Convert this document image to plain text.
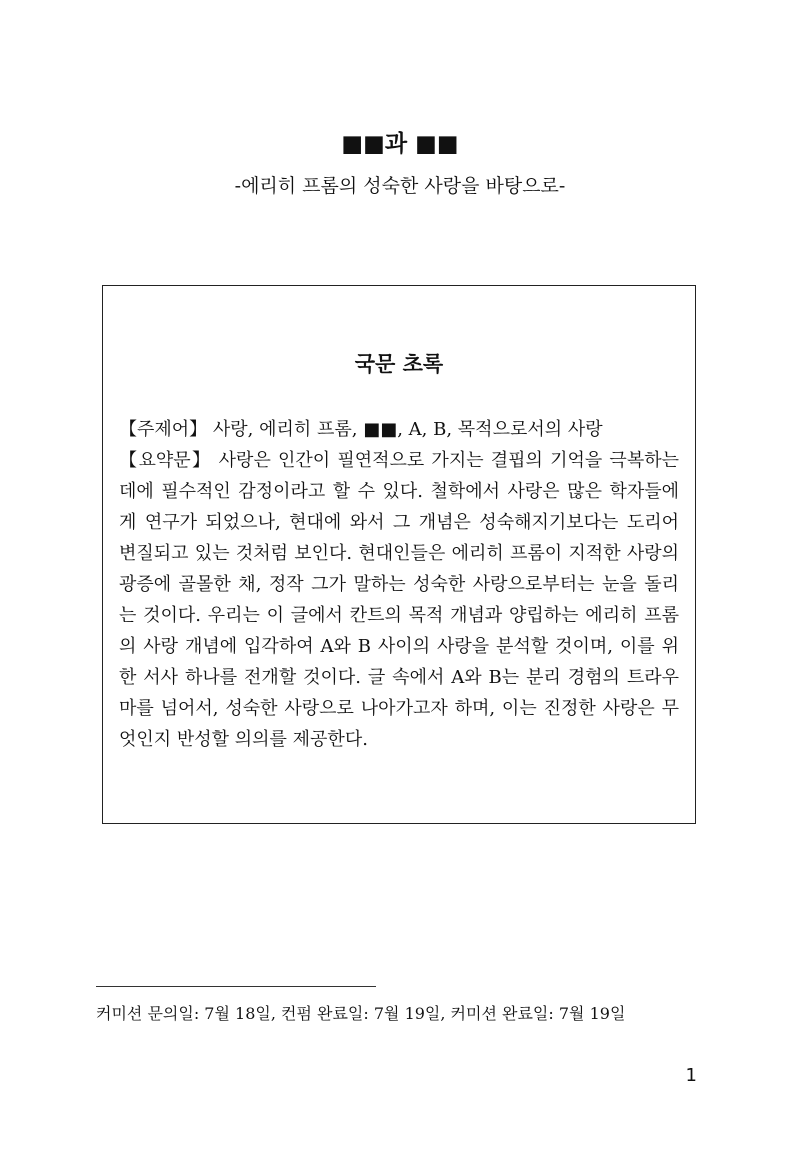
■■과 ■■
-에리히 프롬의 성숙한 사랑을 바탕으로-
국문 초록
【주제어】 사랑, 에리히 프롬, ■■, A, B, 목적으로서의 사랑
【요약문】 사랑은 인간이 필연적으로 가지는 결핍의 기억을 극복하는 데에 필수적인 감정이라고 할 수 있다. 철학에서 사랑은 많은 학자들에게 연구가 되었으나, 현대에 와서 그 개념은 성숙해지기보다는 도리어 변질되고 있는 것처럼 보인다. 현대인들은 에리히 프롬이 지적한 사랑의 광증에 골몰한 채, 정작 그가 말하는 성숙한 사랑으로부터는 눈을 돌리는 것이다. 우리는 이 글에서 칸트의 목적 개념과 양립하는 에리히 프롬의 사랑 개념에 입각하여 A와 B 사이의 사랑을 분석할 것이며, 이를 위한 서사 하나를 전개할 것이다. 글 속에서 A와 B는 분리 경험의 트라우마를 넘어서, 성숙한 사랑으로 나아가고자 하며, 이는 진정한 사랑은 무엇인지 반성할 의의를 제공한다.
커미션 문의일: 7월 18일, 컨펌 완료일: 7월 19일, 커미션 완료일: 7월 19일
1
